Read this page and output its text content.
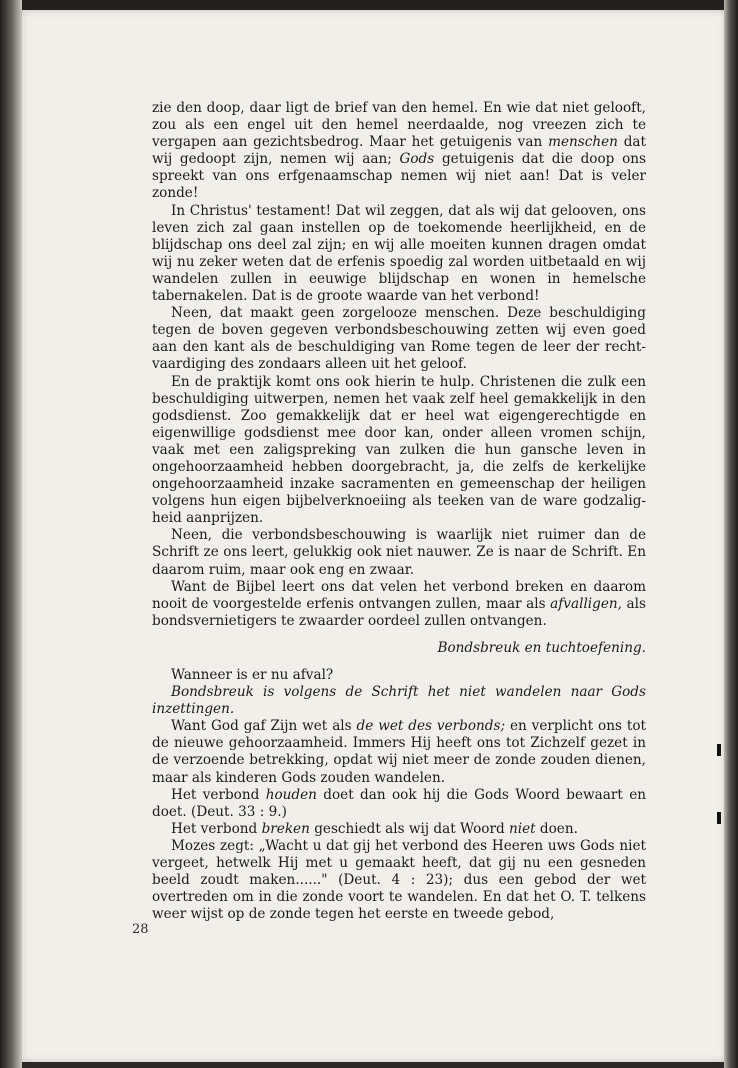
zie den doop, daar ligt de brief van den hemel. En wie dat niet gelooft, zou als een engel uit den hemel neerdaalde, nog vreezen zich te vergapen aan gezichtsbedrog. Maar het getuigenis van menschen dat wij gedoopt zijn, nemen wij aan; Gods getuigenis dat die doop ons spreekt van ons erfgenaamschap nemen wij niet aan! Dat is veler zonde!

In Christus' testament! Dat wil zeggen, dat als wij dat gelooven, ons leven zich zal gaan instellen op de toekomende heerlijkheid, en de blijdschap ons deel zal zijn; en wij alle moeiten kunnen dragen omdat wij nu zeker weten dat de erfenis spoedig zal worden uitbetaald en wij wandelen zullen in eeuwige blijdschap en wonen in hemelsche tabernakelen. Dat is de groote waarde van het verbond!

Neen, dat maakt geen zorgelooze menschen. Deze beschuldiging tegen de boven gegeven verbondsbeschouwing zetten wij even goed aan den kant als de beschuldiging van Rome tegen de leer der recht-vaardiging des zondaars alleen uit het geloof.

En de praktijk komt ons ook hierin te hulp. Christenen die zulk een beschuldiging uitwerpen, nemen het vaak zelf heel gemakkelijk in den godsdienst. Zoo gemakkelijk dat er heel wat eigengerechtigde en eigenwillige godsdienst mee door kan, onder alleen vromen schijn, vaak met een zaligspreking van zulken die hun gansche leven in ongehoorzaamheid hebben doorgebracht, ja, die zelfs de kerkelijke ongehoorzaamheid inzake sacramenten en gemeenschap der heiligen volgens hun eigen bijbelverknoeiing als teeken van de ware godzalig-heid aanprijzen.

Neen, die verbondsbeschouwing is waarlijk niet ruimer dan de Schrift ze ons leert, gelukkig ook niet nauwer. Ze is naar de Schrift. En daarom ruim, maar ook eng en zwaar.

Want de Bijbel leert ons dat velen het verbond breken en daarom nooit de voorgestelde erfenis ontvangen zullen, maar als afvalligen, als bondsvernietigers te zwaarder oordeel zullen ontvangen.

Bondsbreuk en tuchtoefening.

Wanneer is er nu afval?

Bondsbreuk is volgens de Schrift het niet wandelen naar Gods inzettingen.

Want God gaf Zijn wet als de wet des verbonds; en verplicht ons tot de nieuwe gehoorzaamheid. Immers Hij heeft ons tot Zichzelf gezet in de verzoende betrekking, opdat wij niet meer de zonde zouden dienen, maar als kinderen Gods zouden wandelen.

Het verbond houden doet dan ook hij die Gods Woord bewaart en doet. (Deut. 33 : 9.)

Het verbond breken geschiedt als wij dat Woord niet doen.

Mozes zegt: „Wacht u dat gij het verbond des Heeren uws Gods niet vergeet, hetwelk Hij met u gemaakt heeft, dat gij nu een gesneden beeld zoudt maken......" (Deut. 4 : 23); dus een gebod der wet overtreden om in die zonde voort te wandelen. En dat het O. T. telkens weer wijst op de zonde tegen het eerste en tweede gebod,

28
